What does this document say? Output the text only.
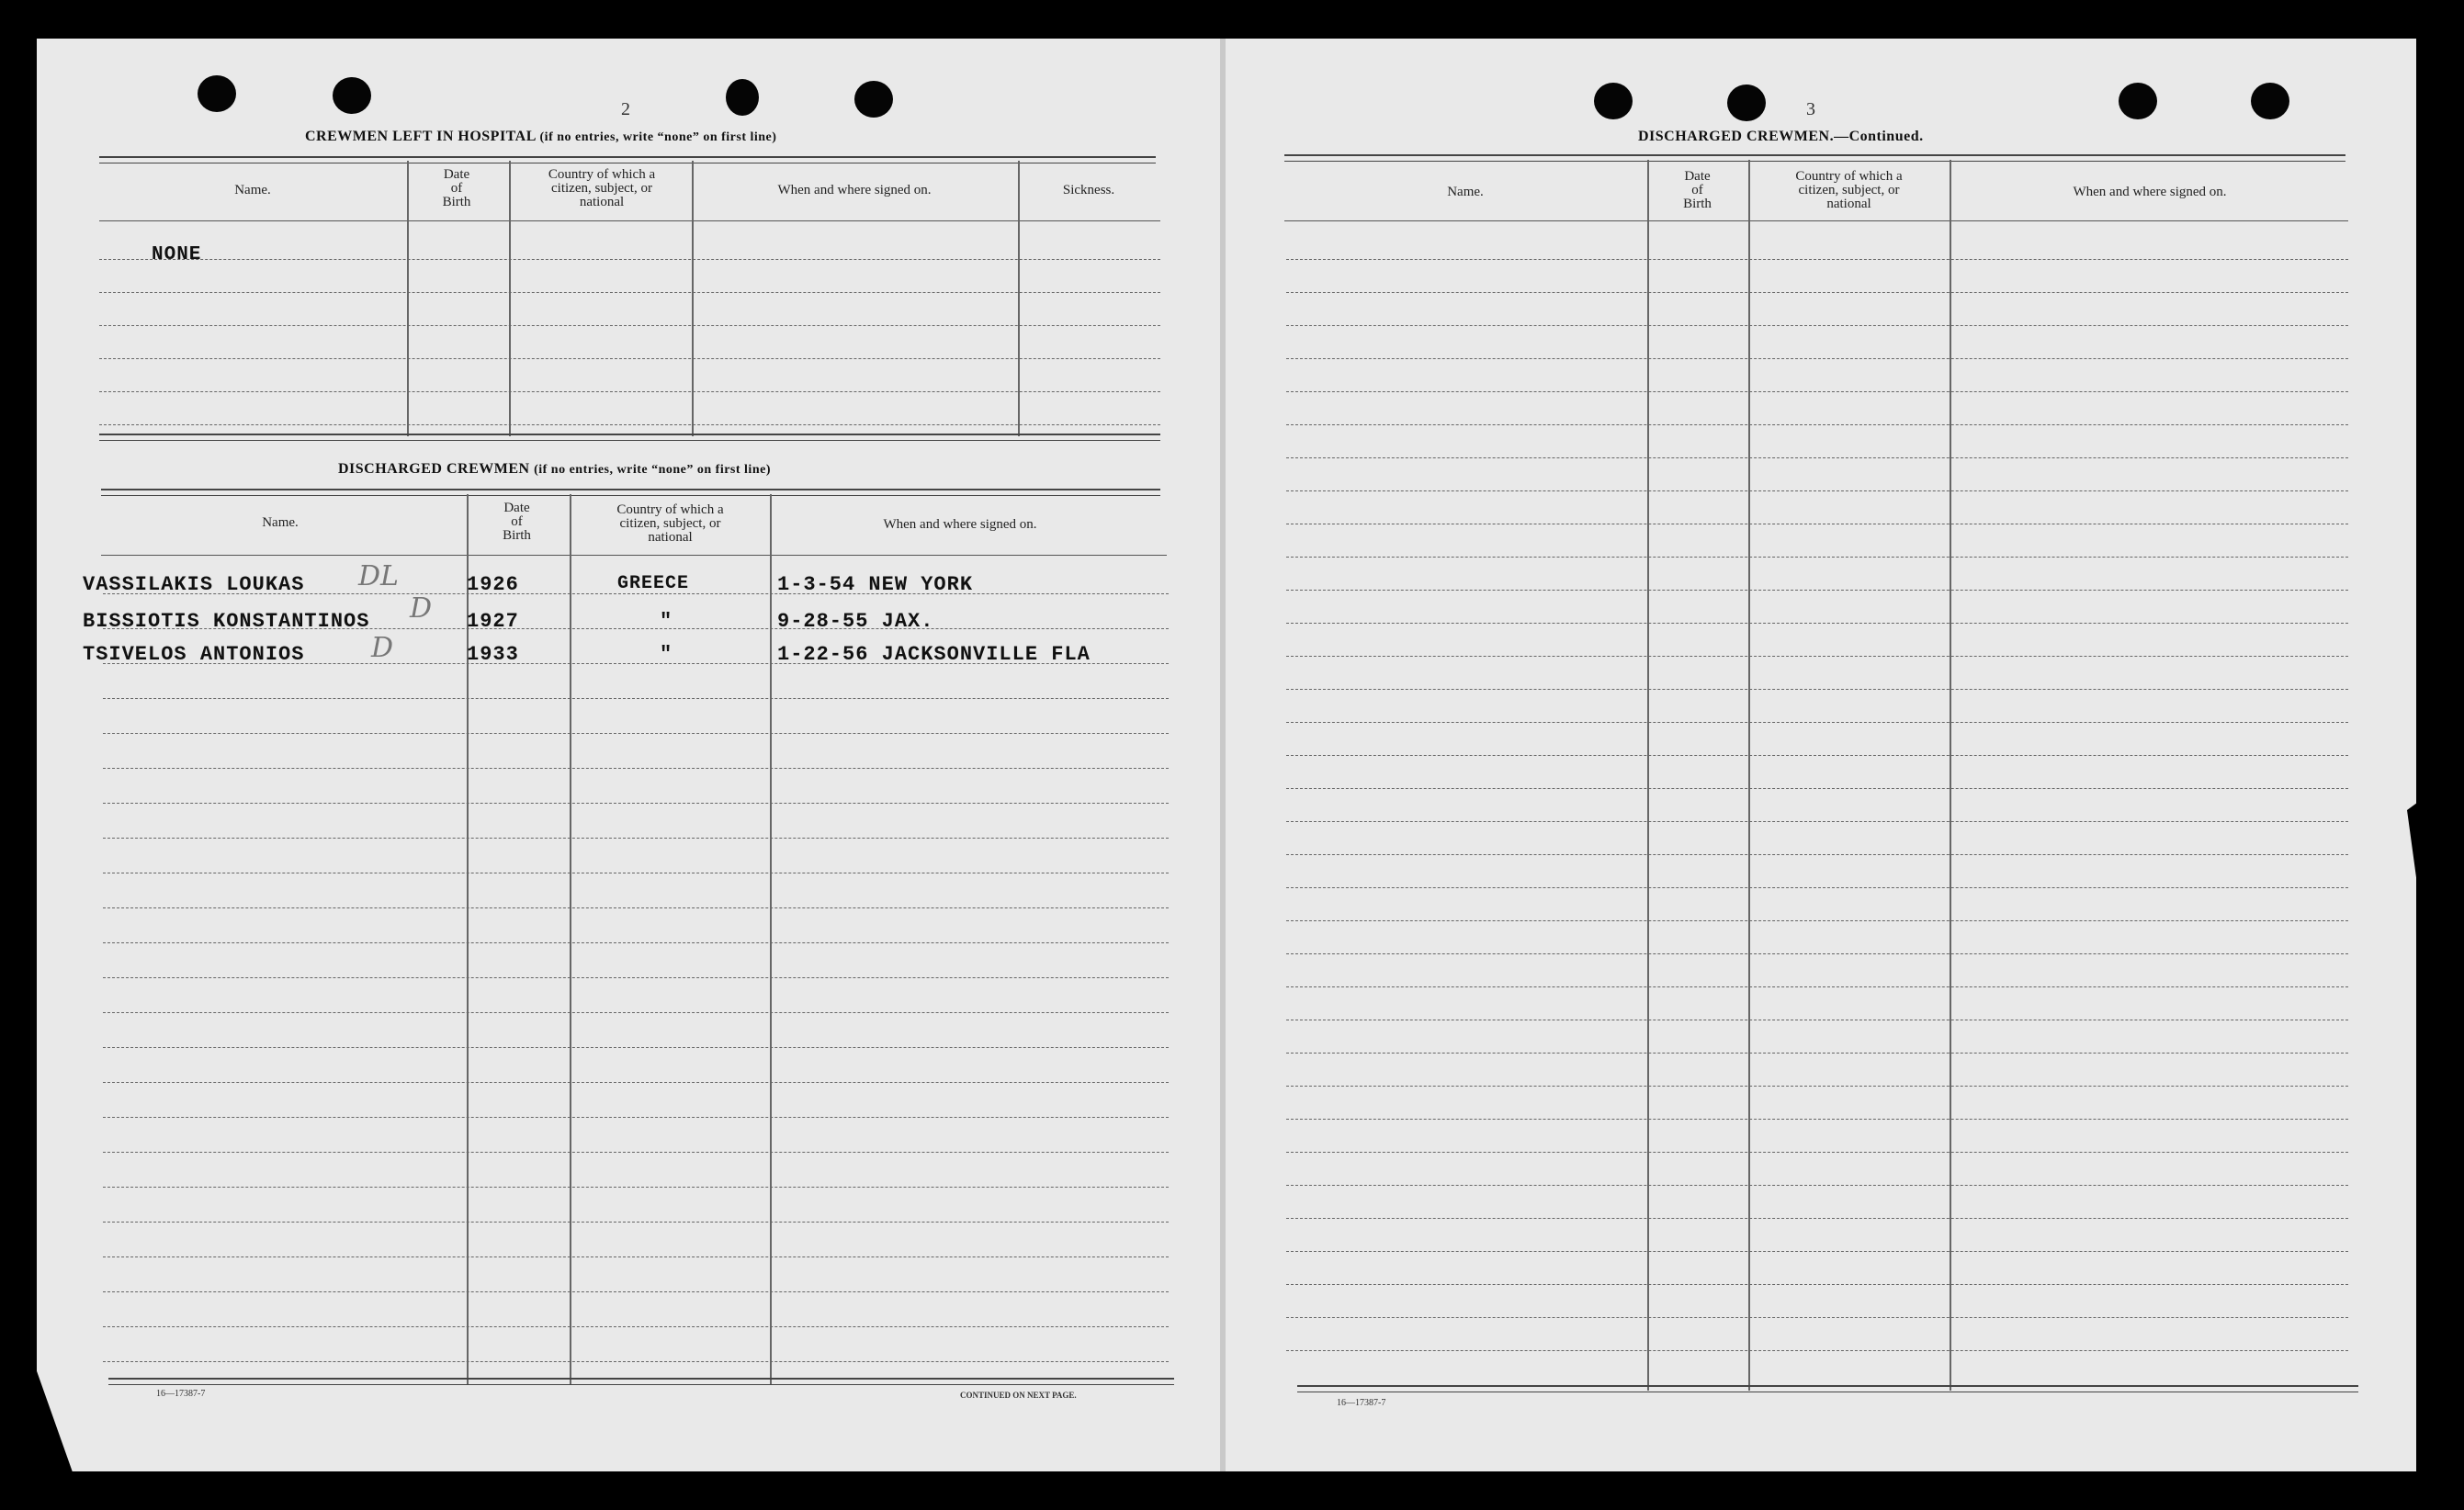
2
CREWMEN LEFT IN HOSPITAL (if no entries, write “none” on first line)
Name.
Date
of
Birth
Country of which a
citizen, subject, or
national
When and where signed on.	Sickness.
NONE
DISCHARGED CREWMEN (if no entries, write “none” on first line)
Name.
Date
of
Birth
Country of which a
citizen, subject, or
national
When and where signed on.
VASSILAKIS LOUKAS DL	1926	GREECE	1-3-54 NEW YORK
BISSIOTIS KONSTANTINOS D 1927	"	9-28-55 JAX.
TSIVELOS ANTONIOS D	1933	"	1-22-56 JACKSONVILLE FLA
16—17387-7	CONTINUED ON NEXT PAGE.
3
DISCHARGED CREWMEN.—Continued.
Name.
Date
of
Birth
Country of which a
citizen, subject, or
national
When and where signed on.
16—17387-7
